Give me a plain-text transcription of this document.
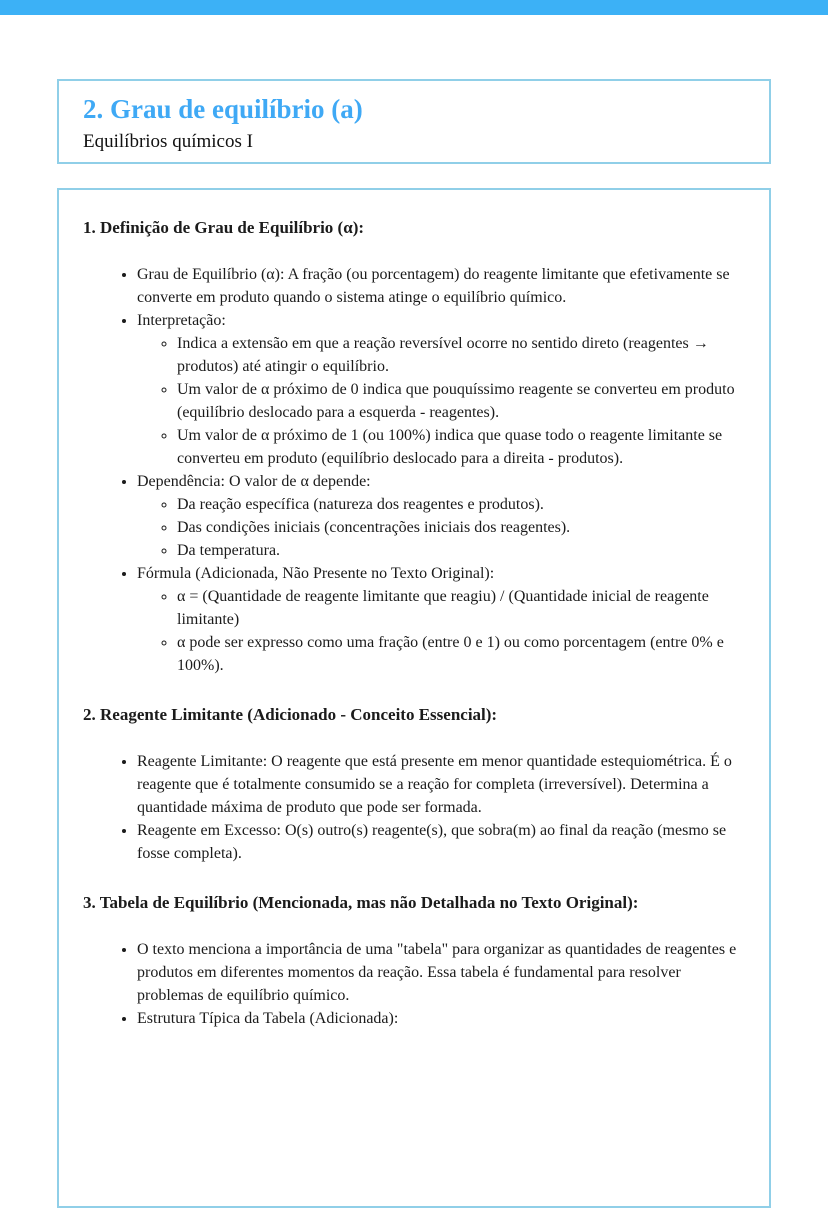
2. Grau de equilíbrio (a)
Equilíbrios químicos I
1. Definição de Grau de Equilíbrio (α):
• Grau de Equilíbrio (α): A fração (ou porcentagem) do reagente limitante que efetivamente se converte em produto quando o sistema atinge o equilíbrio químico.
• Interpretação:
◦ Indica a extensão em que a reação reversível ocorre no sentido direto (reagentes → produtos) até atingir o equilíbrio.
◦ Um valor de α próximo de 0 indica que pouquíssimo reagente se converteu em produto (equilíbrio deslocado para a esquerda - reagentes).
◦ Um valor de α próximo de 1 (ou 100%) indica que quase todo o reagente limitante se converteu em produto (equilíbrio deslocado para a direita - produtos).
• Dependência: O valor de α depende:
◦ Da reação específica (natureza dos reagentes e produtos).
◦ Das condições iniciais (concentrações iniciais dos reagentes).
◦ Da temperatura.
• Fórmula (Adicionada, Não Presente no Texto Original):
◦ α = (Quantidade de reagente limitante que reagiu) / (Quantidade inicial de reagente limitante)
◦ α pode ser expresso como uma fração (entre 0 e 1) ou como porcentagem (entre 0% e 100%).
2. Reagente Limitante (Adicionado - Conceito Essencial):
• Reagente Limitante: O reagente que está presente em menor quantidade estequiométrica. É o reagente que é totalmente consumido se a reação for completa (irreversível). Determina a quantidade máxima de produto que pode ser formada.
• Reagente em Excesso: O(s) outro(s) reagente(s), que sobra(m) ao final da reação (mesmo se fosse completa).
3. Tabela de Equilíbrio (Mencionada, mas não Detalhada no Texto Original):
• O texto menciona a importância de uma "tabela" para organizar as quantidades de reagentes e produtos em diferentes momentos da reação. Essa tabela é fundamental para resolver problemas de equilíbrio químico.
• Estrutura Típica da Tabela (Adicionada):
